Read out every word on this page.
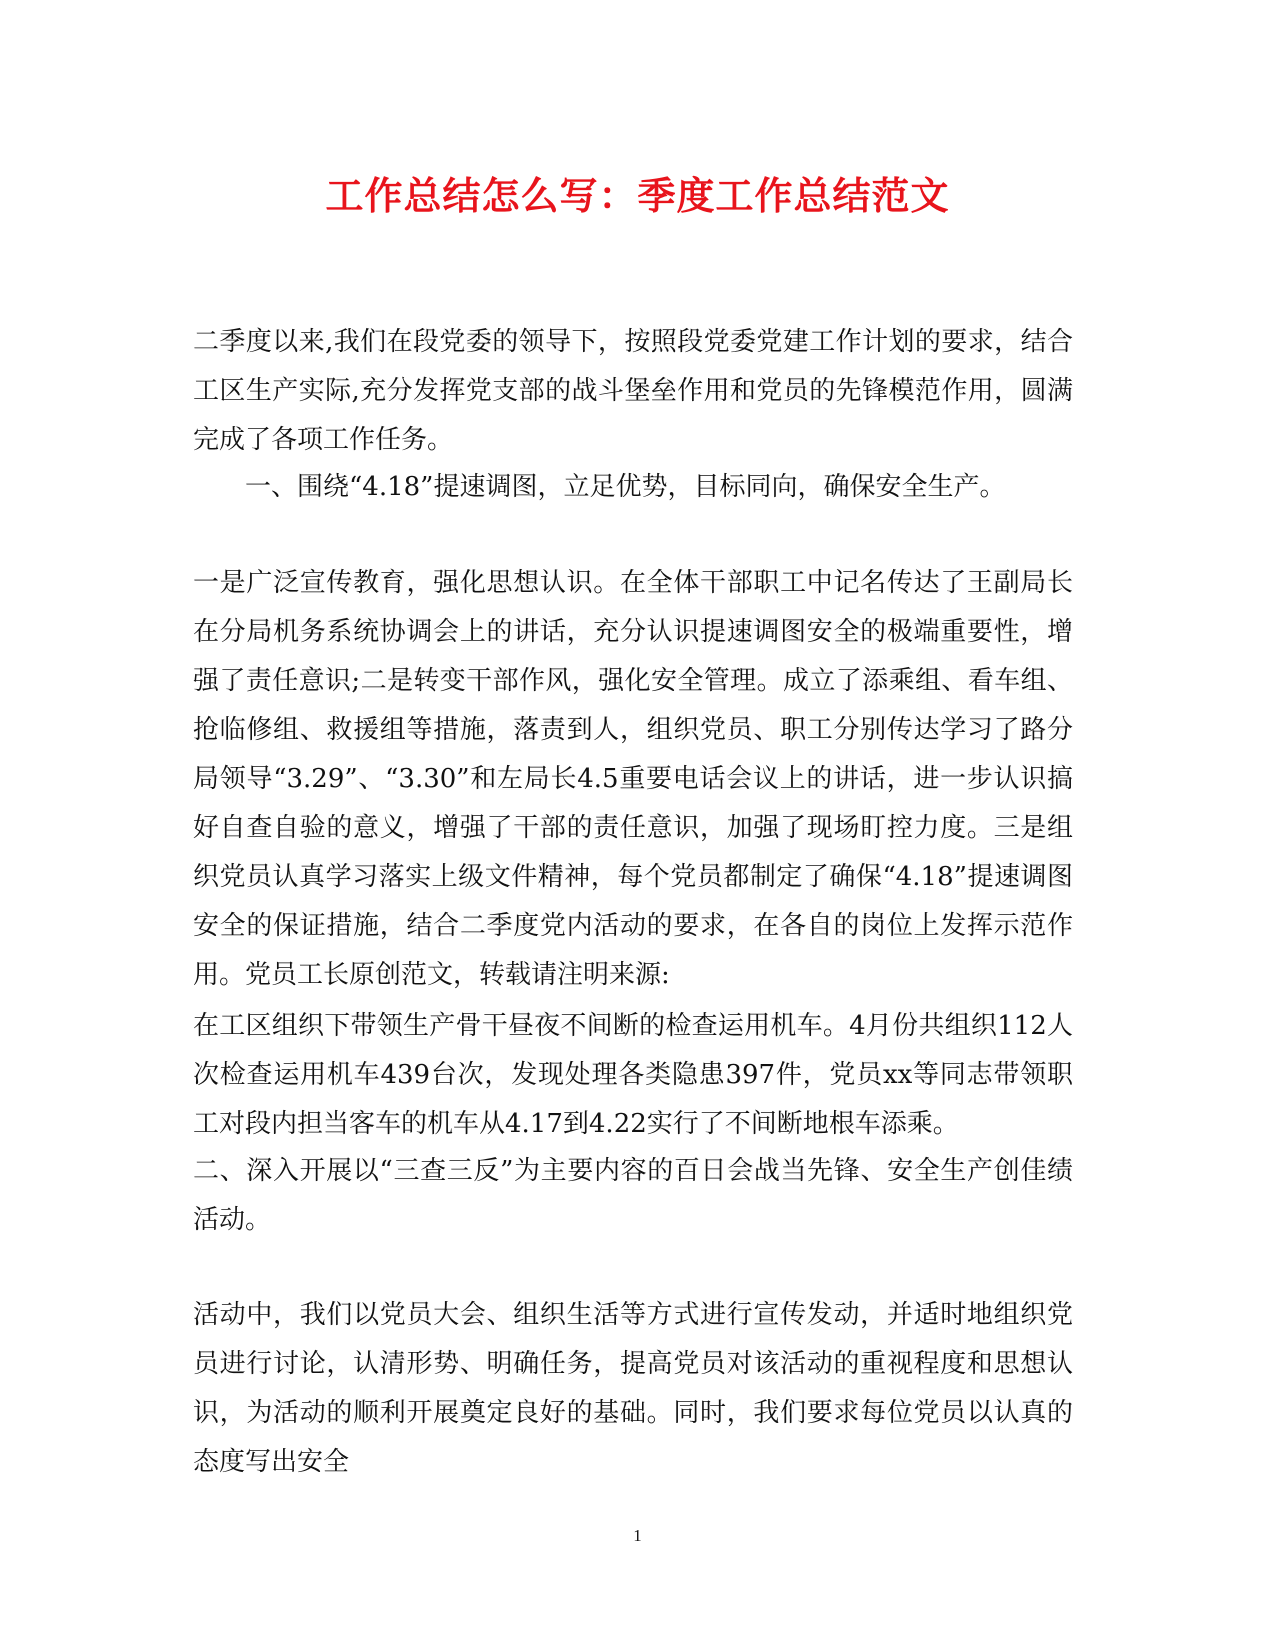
工作总结怎么写：季度工作总结范文

二季度以来,我们在段党委的领导下，按照段党委党建工作计划的要求，结合工区生产实际,充分发挥党支部的战斗堡垒作用和党员的先锋模范作用，圆满完成了各项工作任务。

一、围绕“4.18”提速调图，立足优势，目标同向，确保安全生产。

一是广泛宣传教育，强化思想认识。在全体干部职工中记名传达了王副局长在分局机务系统协调会上的讲话，充分认识提速调图安全的极端重要性，增强了责任意识;二是转变干部作风，强化安全管理。成立了添乘组、看车组、抢临修组、救援组等措施，落责到人，组织党员、职工分别传达学习了路分局领导“3.29”、“3.30”和左局长4.5重要电话会议上的讲话，进一步认识搞好自查自验的意义，增强了干部的责任意识，加强了现场盯控力度。三是组织党员认真学习落实上级文件精神，每个党员都制定了确保“4.18”提速调图安全的保证措施，结合二季度党内活动的要求，在各自的岗位上发挥示范作用。党员工长原创范文，转载请注明来源:

在工区组织下带领生产骨干昼夜不间断的检查运用机车。4月份共组织112人次检查运用机车439台次，发现处理各类隐患397件，党员xx等同志带领职工对段内担当客车的机车从4.17到4.22实行了不间断地根车添乘。

二、深入开展以“三查三反”为主要内容的百日会战当先锋、安全生产创佳绩活动。

活动中，我们以党员大会、组织生活等方式进行宣传发动，并适时地组织党员进行讨论，认清形势、明确任务，提高党员对该活动的重视程度和思想认识，为活动的顺利开展奠定良好的基础。同时，我们要求每位党员以认真的态度写出安全

1
